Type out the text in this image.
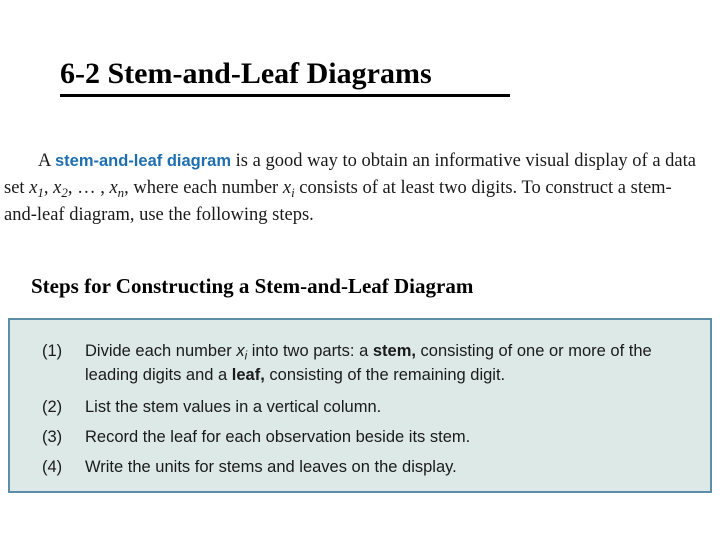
6-2 Stem-and-Leaf Diagrams
A stem-and-leaf diagram is a good way to obtain an informative visual display of a data
set $x_1$, $x_2$, … , $x_n$, where each number $x_i$ consists of at least two digits. To construct a stem-
and-leaf diagram, use the following steps.
Steps for Constructing a Stem-and-Leaf Diagram
(1) Divide each number $x_i$ into two parts: a stem, consisting of one or more of the
leading digits and a leaf, consisting of the remaining digit.
(2) List the stem values in a vertical column.
(3) Record the leaf for each observation beside its stem.
(4) Write the units for stems and leaves on the display.
